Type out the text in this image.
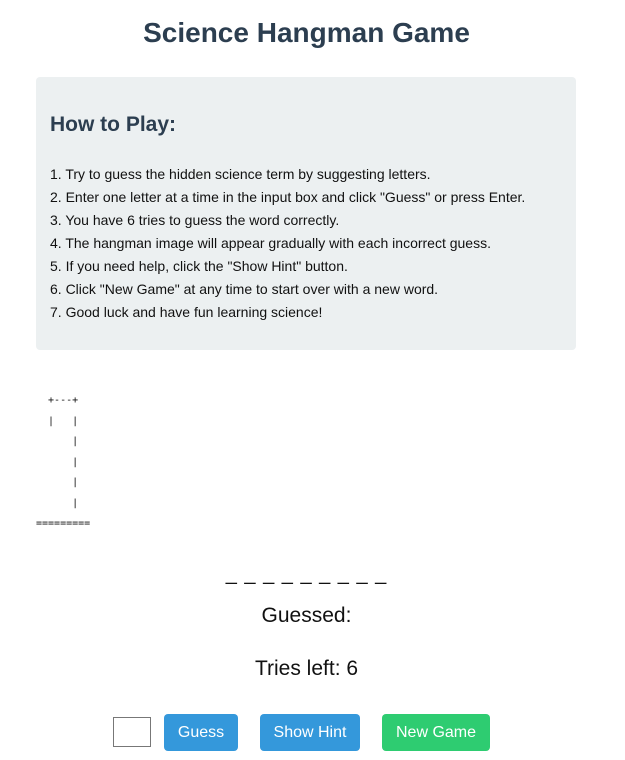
Science Hangman Game
How to Play:
1. Try to guess the hidden science term by suggesting letters.
2. Enter one letter at a time in the input box and click "Guess" or press Enter.
3. You have 6 tries to guess the word correctly.
4. The hangman image will appear gradually with each incorrect guess.
5. If you need help, click the "Show Hint" button.
6. Click "New Game" at any time to start over with a new word.
7. Good luck and have fun learning science!
+---+
|   |
|
|
|
|
=========
_ _ _ _ _ _ _ _ _
Guessed:
Tries left: 6
Guess	Show Hint	New Game
